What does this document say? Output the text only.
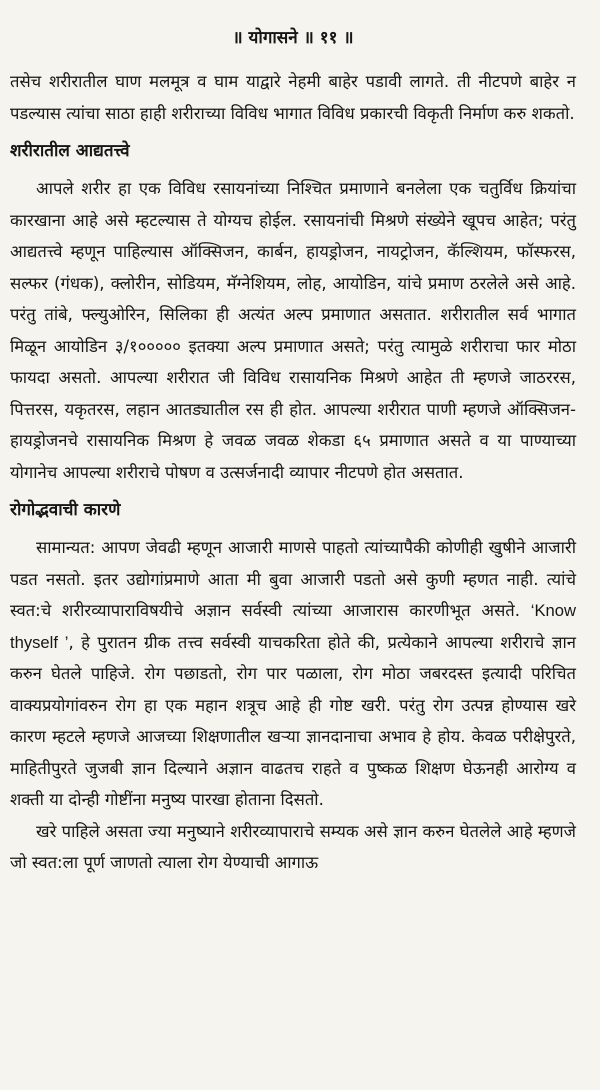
॥ योगासने ॥ ११ ॥

तसेच शरीरातील घाण मलमूत्र व घाम याद्वारे नेहमी बाहेर पडावी लागते. ती नीटपणे बाहेर न पडल्यास त्यांचा साठा हाही शरीराच्या विविध भागात विविध प्रकारची विकृती निर्माण करु शकतो.

शरीरातील आद्यतत्त्वे

आपले शरीर हा एक विविध रसायनांच्या निश्चित प्रमाणाने बनलेला एक चतुर्विध क्रियांचा कारखाना आहे असे म्हटल्यास ते योग्यच होईल. रसायनांची मिश्रणे संख्येने खूपच आहेत; परंतु आद्यतत्त्वे म्हणून पाहिल्यास ऑक्सिजन, कार्बन, हायड्रोजन, नायट्रोजन, कॅल्शियम, फॉस्फरस, सल्फर (गंधक), क्लोरीन, सोडियम, मॅग्नेशियम, लोह, आयोडिन, यांचे प्रमाण ठरलेले असे आहे. परंतु तांबे, फ्ल्युओरिन, सिलिका ही अत्यंत अल्प प्रमाणात असतात. शरीरातील सर्व भागात मिळून आयोडिन ३/१००००० इतक्या अल्प प्रमाणात असते; परंतु त्यामुळे शरीराचा फार मोठा फायदा असतो. आपल्या शरीरात जी विविध रासायनिक मिश्रणे आहेत ती म्हणजे जाठररस, पित्तरस, यकृतरस, लहान आतड्यातील रस ही होत. आपल्या शरीरात पाणी म्हणजे ऑक्सिजन-हायड्रोजनचे रासायनिक मिश्रण हे जवळ जवळ शेकडा ६५ प्रमाणात असते व या पाण्याच्या योगानेच आपल्या शरीराचे पोषण व उत्सर्जनादी व्यापार नीटपणे होत असतात.

रोगोद्भवाची कारणे

सामान्यत: आपण जेवढी म्हणून आजारी माणसे पाहतो त्यांच्यापैकी कोणीही खुषीने आजारी पडत नसतो. इतर उद्योगांप्रमाणे आता मी बुवा आजारी पडतो असे कुणी म्हणत नाही. त्यांचे स्वत:चे शरीरव्यापाराविषयीचे अज्ञान सर्वस्वी त्यांच्या आजारास कारणीभूत असते. ‘Know thyself ’, हे पुरातन ग्रीक तत्त्व सर्वस्वी याचकरिता होते की, प्रत्येकाने आपल्या शरीराचे ज्ञान करुन घेतले पाहिजे. रोग पछाडतो, रोग पार पळाला, रोग मोठा जबरदस्त इत्यादी परिचित वाक्यप्रयोगांवरुन रोग हा एक महान शत्रूच आहे ही गोष्ट खरी. परंतु रोग उत्पन्न होण्यास खरे कारण म्हटले म्हणजे आजच्या शिक्षणातील खऱ्या ज्ञानदानाचा अभाव हे होय. केवळ परीक्षेपुरते, माहितीपुरते जुजबी ज्ञान दिल्याने अज्ञान वाढतच राहते व पुष्कळ शिक्षण घेऊनही आरोग्य व शक्ती या दोन्ही गोष्टींना मनुष्य पारखा होताना दिसतो.

खरे पाहिले असता ज्या मनुष्याने शरीरव्यापाराचे सम्यक असे ज्ञान करुन घेतलेले आहे म्हणजे जो स्वत:ला पूर्ण जाणतो त्याला रोग येण्याची आगाऊ
